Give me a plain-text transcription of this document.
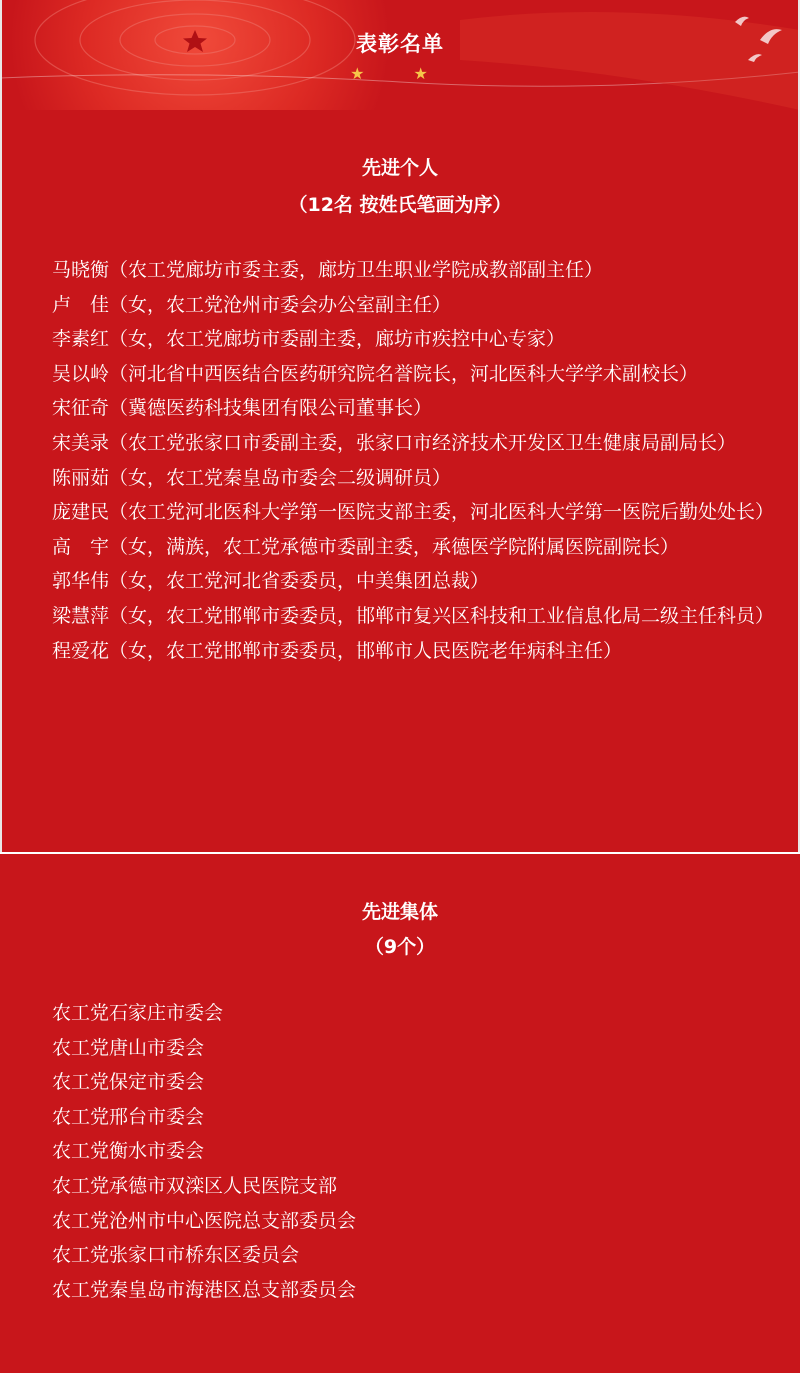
表彰名单
★ ★
先进个人
（12名 按姓氏笔画为序）
马晓衡（农工党廊坊市委主委，廊坊卫生职业学院成教部副主任）
卢　佳（女，农工党沧州市委会办公室副主任）
李素红（女，农工党廊坊市委副主委，廊坊市疾控中心专家）
吴以岭（河北省中西医结合医药研究院名誉院长，河北医科大学学术副校长）
宋征奇（冀德医药科技集团有限公司董事长）
宋美录（农工党张家口市委副主委，张家口市经济技术开发区卫生健康局副局长）
陈丽茹（女，农工党秦皇岛市委会二级调研员）
庞建民（农工党河北医科大学第一医院支部主委，河北医科大学第一医院后勤处处长）
高　宇（女，满族，农工党承德市委副主委，承德医学院附属医院副院长）
郭华伟（女，农工党河北省委委员，中美集团总裁）
梁慧萍（女，农工党邯郸市委委员，邯郸市复兴区科技和工业信息化局二级主任科员）
程爱花（女，农工党邯郸市委委员，邯郸市人民医院老年病科主任）
先进集体
（9个）
农工党石家庄市委会
农工党唐山市委会
农工党保定市委会
农工党邢台市委会
农工党衡水市委会
农工党承德市双滦区人民医院支部
农工党沧州市中心医院总支部委员会
农工党张家口市桥东区委员会
农工党秦皇岛市海港区总支部委员会
